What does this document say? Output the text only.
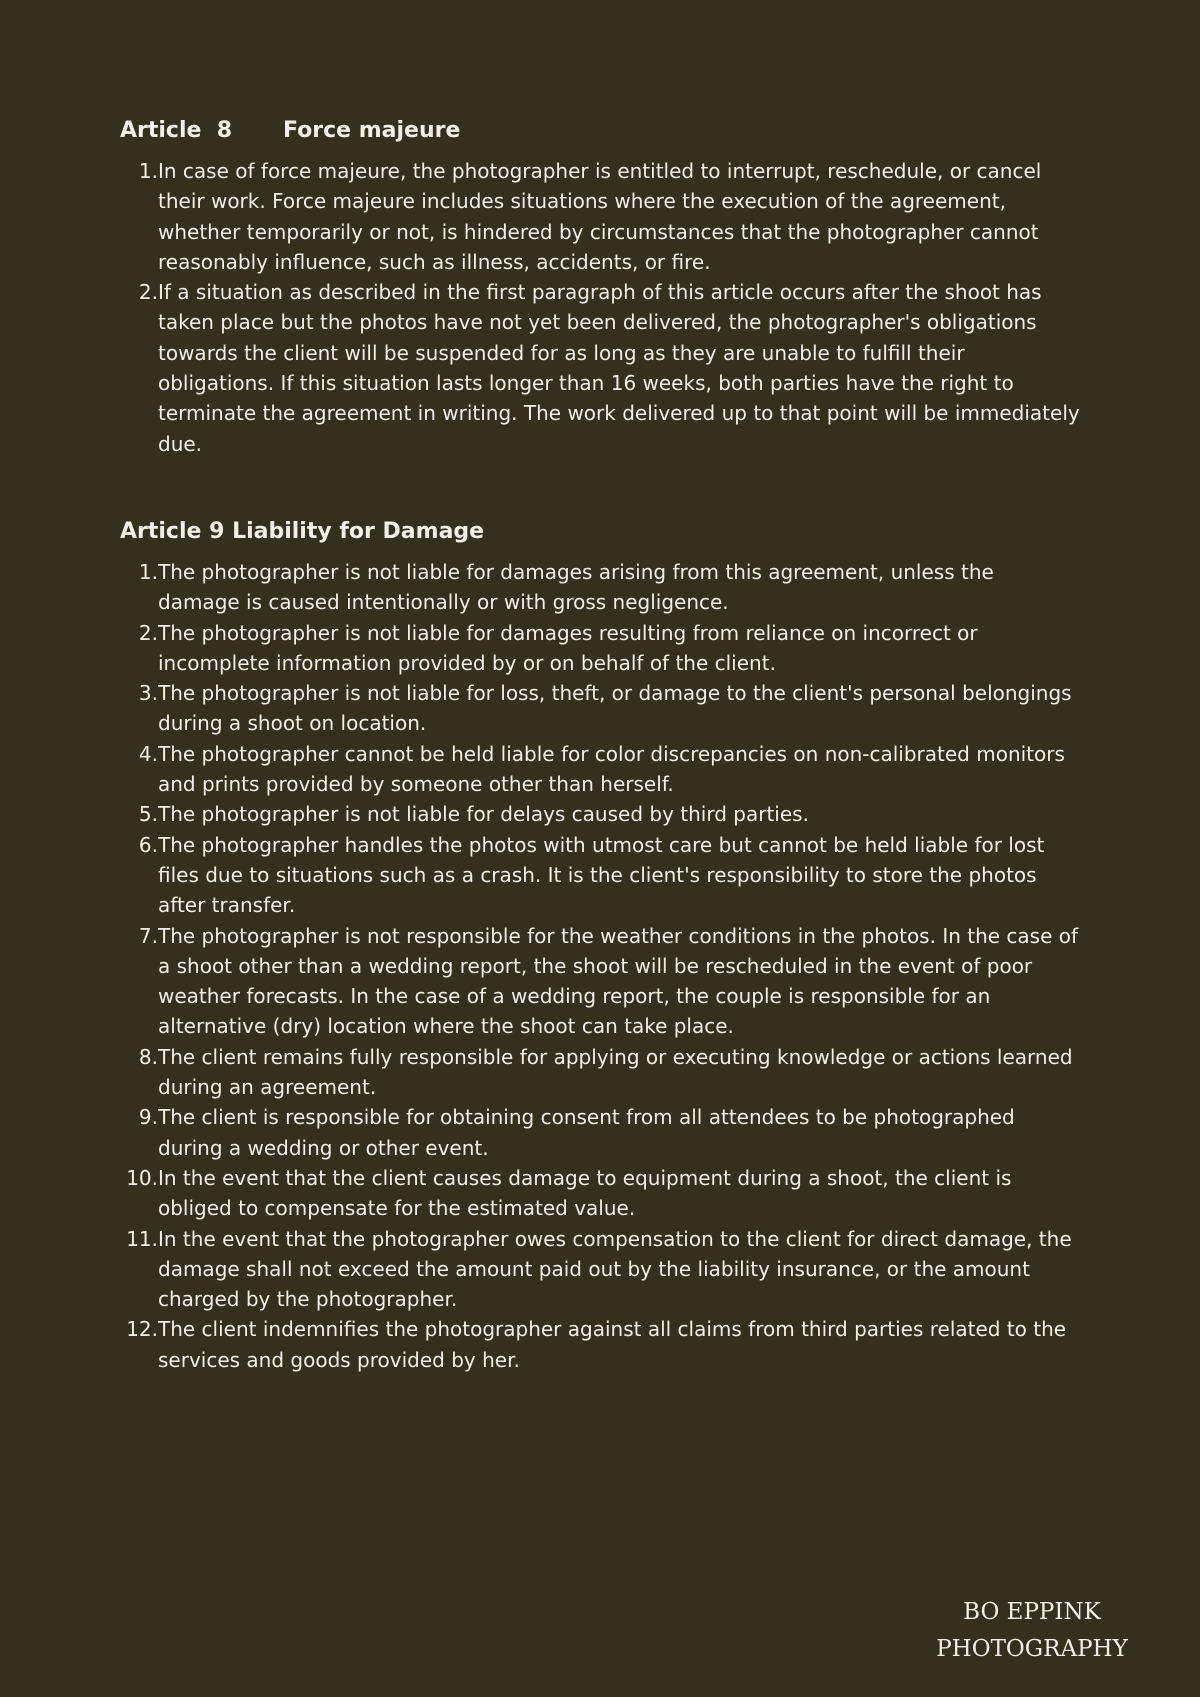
Article  8	Force majeure
1. In case of force majeure, the photographer is entitled to interrupt, reschedule, or cancel their work. Force majeure includes situations where the execution of the agreement, whether temporarily or not, is hindered by circumstances that the photographer cannot reasonably influence, such as illness, accidents, or fire.
2. If a situation as described in the first paragraph of this article occurs after the shoot has taken place but the photos have not yet been delivered, the photographer's obligations towards the client will be suspended for as long as they are unable to fulfill their obligations. If this situation lasts longer than 16 weeks, both parties have the right to terminate the agreement in writing. The work delivered up to that point will be immediately due.
Article 9 Liability for Damage
1. The photographer is not liable for damages arising from this agreement, unless the damage is caused intentionally or with gross negligence.
2. The photographer is not liable for damages resulting from reliance on incorrect or incomplete information provided by or on behalf of the client.
3. The photographer is not liable for loss, theft, or damage to the client's personal belongings during a shoot on location.
4. The photographer cannot be held liable for color discrepancies on non-calibrated monitors and prints provided by someone other than herself.
5. The photographer is not liable for delays caused by third parties.
6. The photographer handles the photos with utmost care but cannot be held liable for lost files due to situations such as a crash. It is the client's responsibility to store the photos after transfer.
7. The photographer is not responsible for the weather conditions in the photos. In the case of a shoot other than a wedding report, the shoot will be rescheduled in the event of poor weather forecasts. In the case of a wedding report, the couple is responsible for an alternative (dry) location where the shoot can take place.
8. The client remains fully responsible for applying or executing knowledge or actions learned during an agreement.
9. The client is responsible for obtaining consent from all attendees to be photographed during a wedding or other event.
10. In the event that the client causes damage to equipment during a shoot, the client is obliged to compensate for the estimated value.
11. In the event that the photographer owes compensation to the client for direct damage, the damage shall not exceed the amount paid out by the liability insurance, or the amount charged by the photographer.
12. The client indemnifies the photographer against all claims from third parties related to the services and goods provided by her.
BO EPPINK
PHOTOGRAPHY
